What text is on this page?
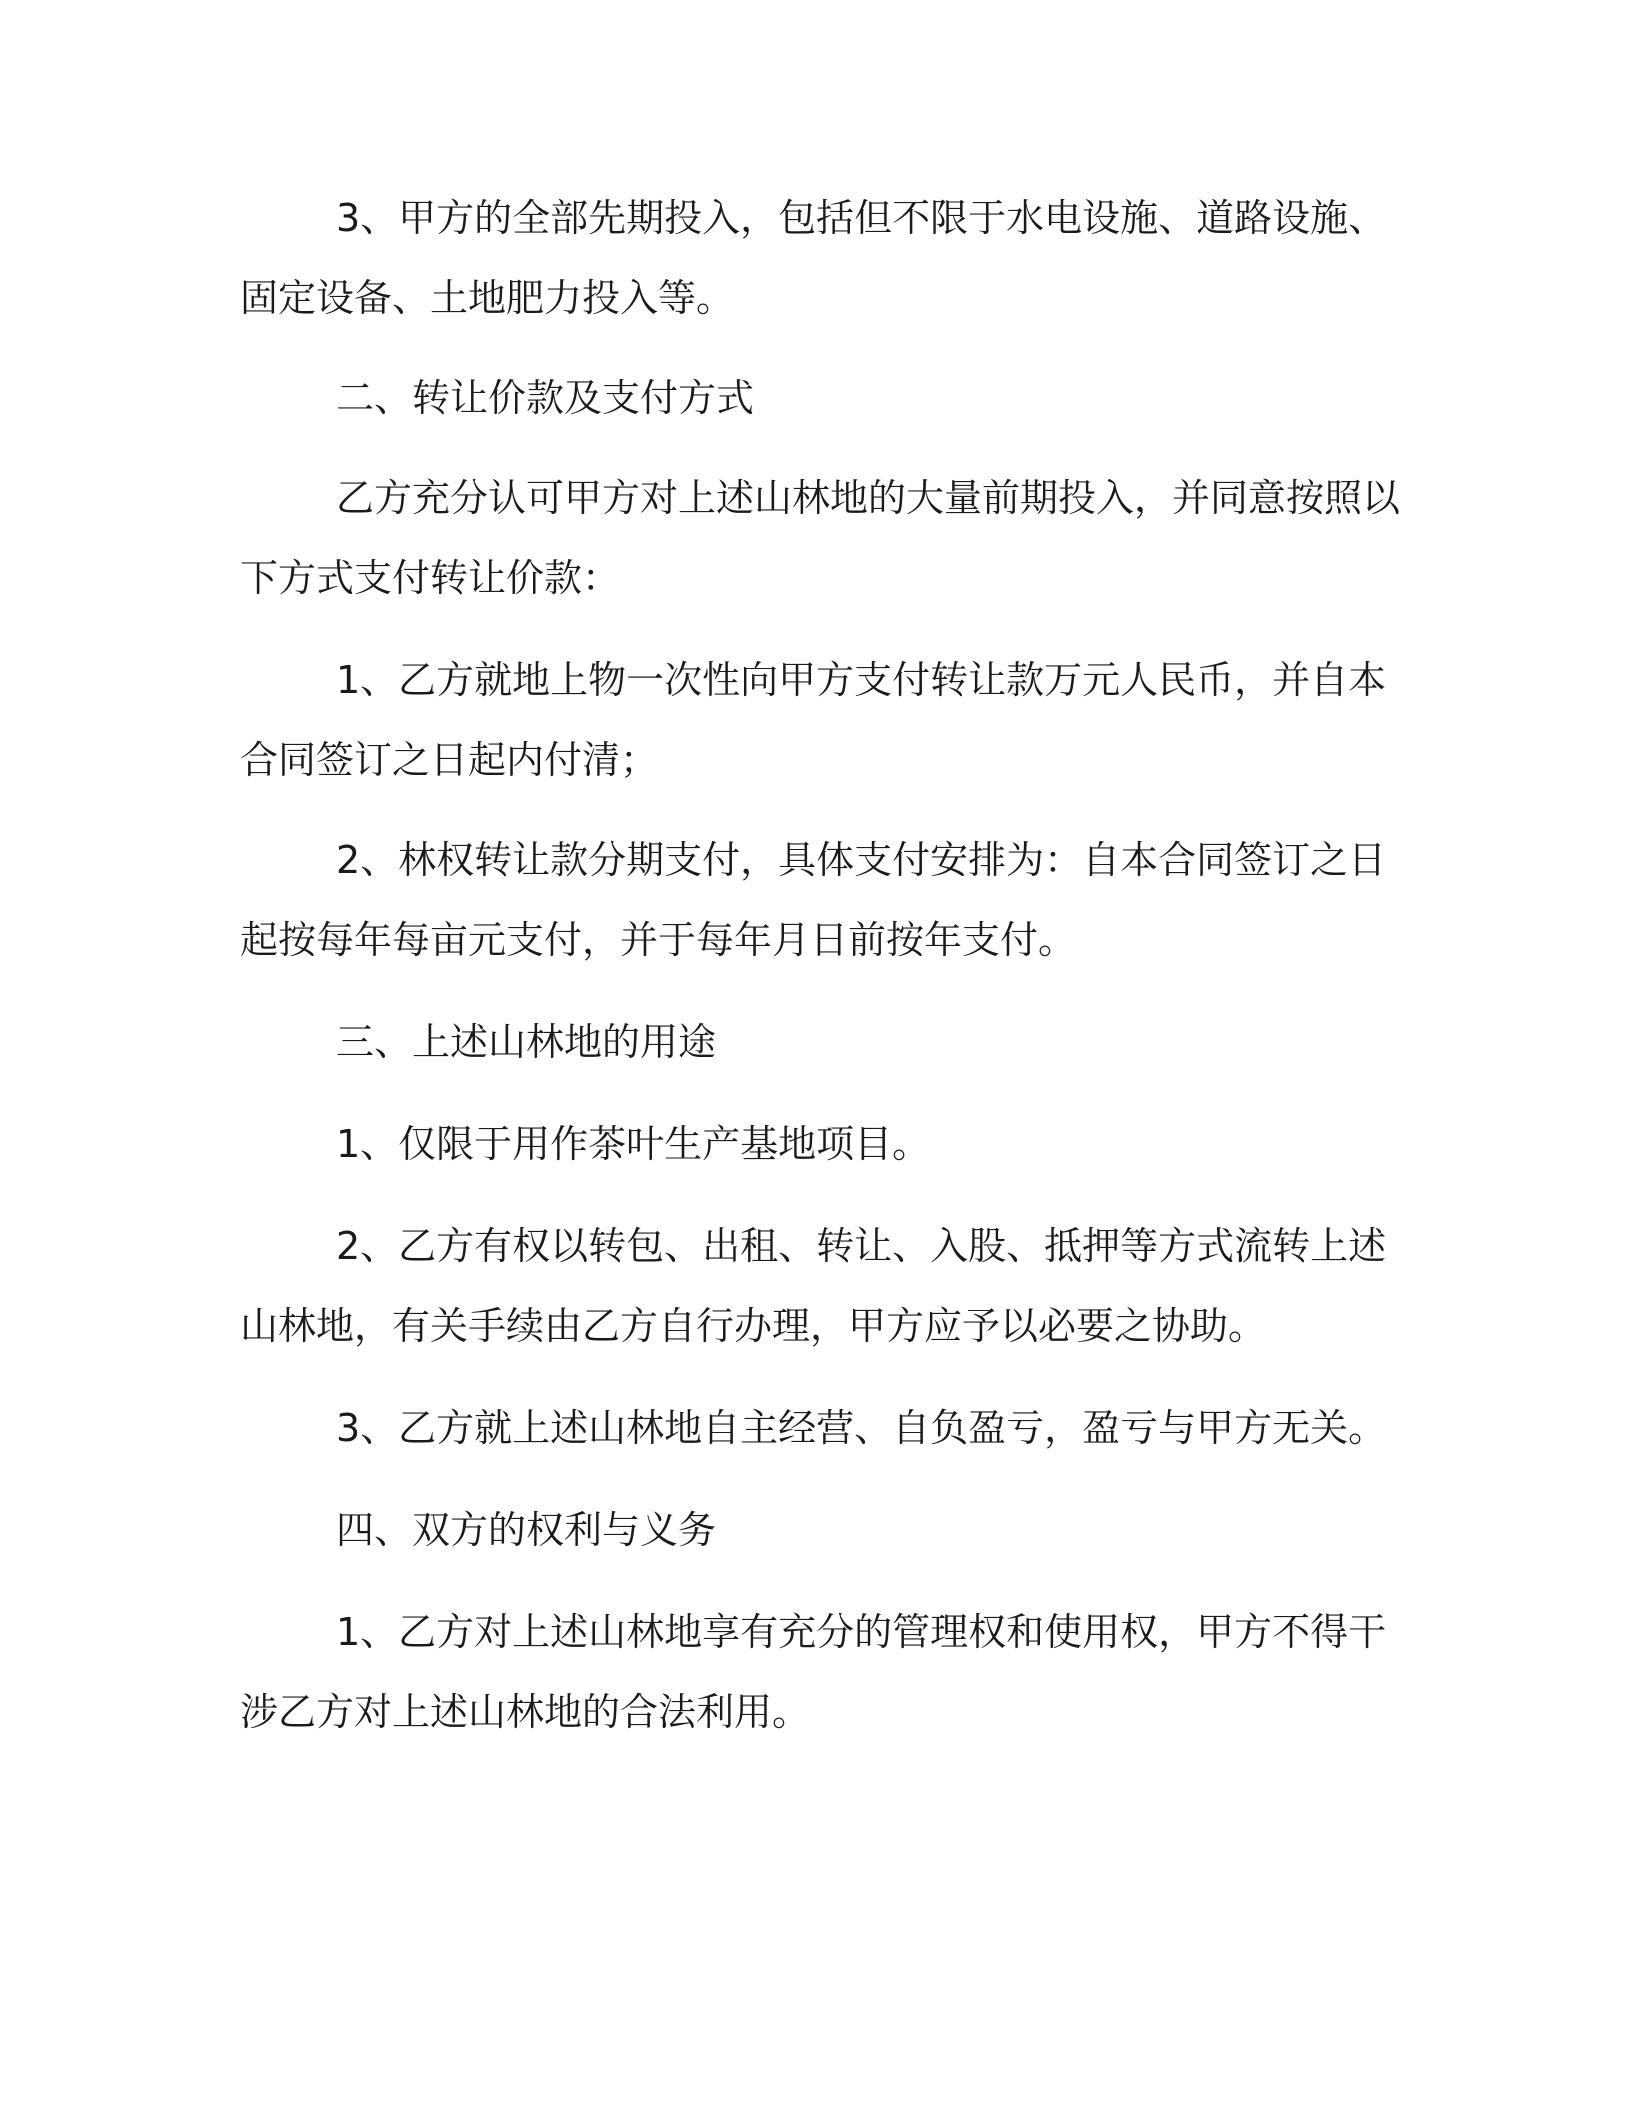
3、甲方的全部先期投入，包括但不限于水电设施、道路设施、
固定设备、土地肥力投入等。
二、转让价款及支付方式
乙方充分认可甲方对上述山林地的大量前期投入，并同意按照以
下方式支付转让价款：
1、乙方就地上物一次性向甲方支付转让款万元人民币，并自本
合同签订之日起内付清；
2、林权转让款分期支付，具体支付安排为：自本合同签订之日
起按每年每亩元支付，并于每年月日前按年支付。
三、上述山林地的用途
1、仅限于用作茶叶生产基地项目。
2、乙方有权以转包、出租、转让、入股、抵押等方式流转上述
山林地，有关手续由乙方自行办理，甲方应予以必要之协助。
3、乙方就上述山林地自主经营、自负盈亏，盈亏与甲方无关。
四、双方的权利与义务
1、乙方对上述山林地享有充分的管理权和使用权，甲方不得干
涉乙方对上述山林地的合法利用。
